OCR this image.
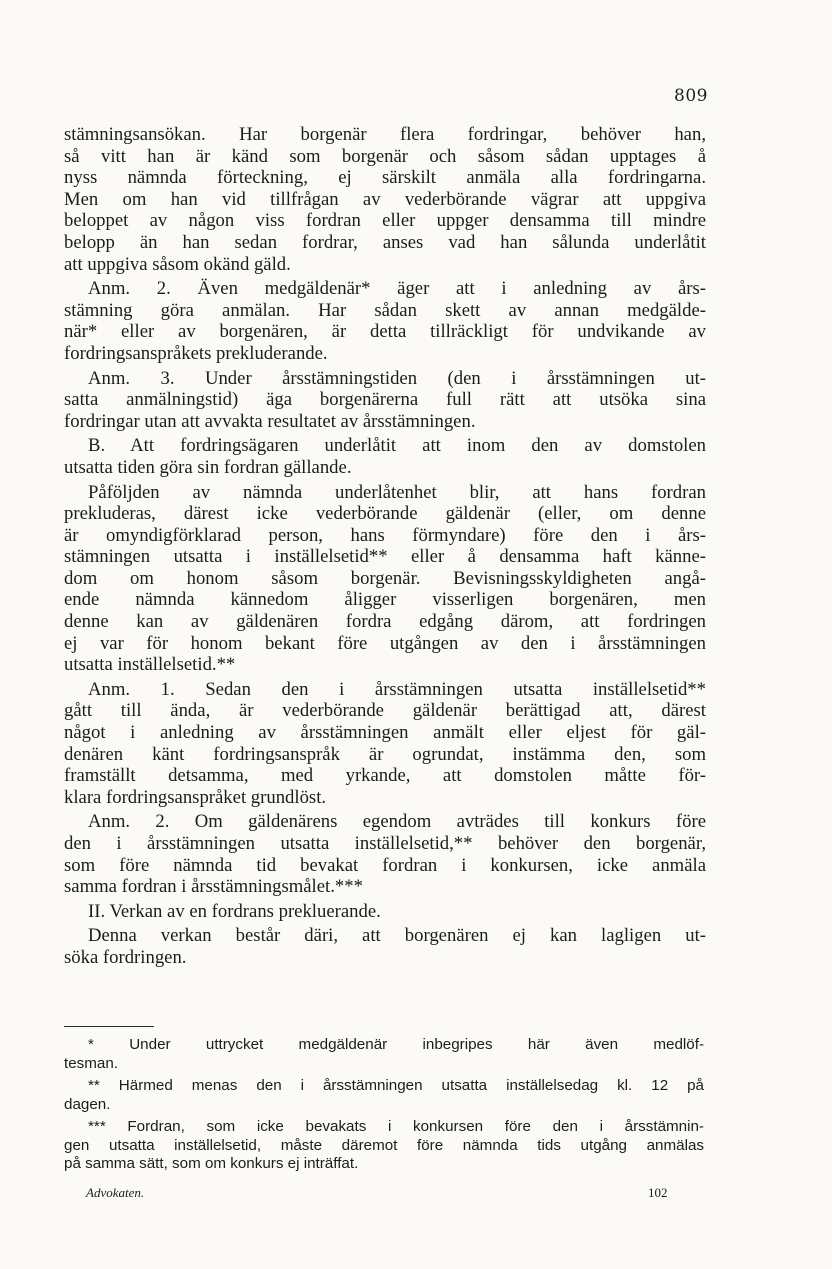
809
stämningsansökan. Har borgenär flera fordringar, behöver han,
så vitt han är känd som borgenär och såsom sådan upptages å
nyss nämnda förteckning, ej särskilt anmäla alla fordringarna.
Men om han vid tillfrågan av vederbörande vägrar att uppgiva
beloppet av någon viss fordran eller uppger densamma till mindre
belopp än han sedan fordrar, anses vad han sålunda underlåtit
att uppgiva såsom okänd gäld.
Anm. 2. Även medgäldenär* äger att i anledning av års-
stämning göra anmälan. Har sådan skett av annan medgälde-
när* eller av borgenären, är detta tillräckligt för undvikande av
fordringsanspråkets prekluderande.
Anm. 3. Under årsstämningstiden (den i årsstämningen ut-
satta anmälningstid) äga borgenärerna full rätt att utsöka sina
fordringar utan att avvakta resultatet av årsstämningen.
B. Att fordringsägaren underlåtit att inom den av domstolen
utsatta tiden göra sin fordran gällande.
Påföljden av nämnda underlåtenhet blir, att hans fordran
prekluderas, därest icke vederbörande gäldenär (eller, om denne
är omyndigförklarad person, hans förmyndare) före den i års-
stämningen utsatta i inställelsetid** eller å densamma haft känne-
dom om honom såsom borgenär. Bevisningsskyldigheten angå-
ende nämnda kännedom åligger visserligen borgenären, men
denne kan av gäldenären fordra edgång därom, att fordringen
ej var för honom bekant före utgången av den i årsstämningen
utsatta inställelsetid.**
Anm. 1. Sedan den i årsstämningen utsatta inställelsetid**
gått till ända, är vederbörande gäldenär berättigad att, därest
något i anledning av årsstämningen anmält eller eljest för gäl-
denären känt fordringsanspråk är ogrundat, instämma den, som
framställt detsamma, med yrkande, att domstolen måtte för-
klara fordringsanspråket grundlöst.
Anm. 2. Om gäldenärens egendom avträdes till konkurs före
den i årsstämningen utsatta inställelsetid,** behöver den borgenär,
som före nämnda tid bevakat fordran i konkursen, icke anmäla
samma fordran i årsstämningsmålet.***
II. Verkan av en fordrans prekluerande.
Denna verkan består däri, att borgenären ej kan lagligen ut-
söka fordringen.
* Under uttrycket medgäldenär inbegripes här även medlöf-
tesman.
** Härmed menas den i årsstämningen utsatta inställelsedag kl. 12 på
dagen.
*** Fordran, som icke bevakats i konkursen före den i årsstämnin-
gen utsatta inställelsetid, måste däremot före nämnda tids utgång anmälas
på samma sätt, som om konkurs ej inträffat.
Advokaten.	102
